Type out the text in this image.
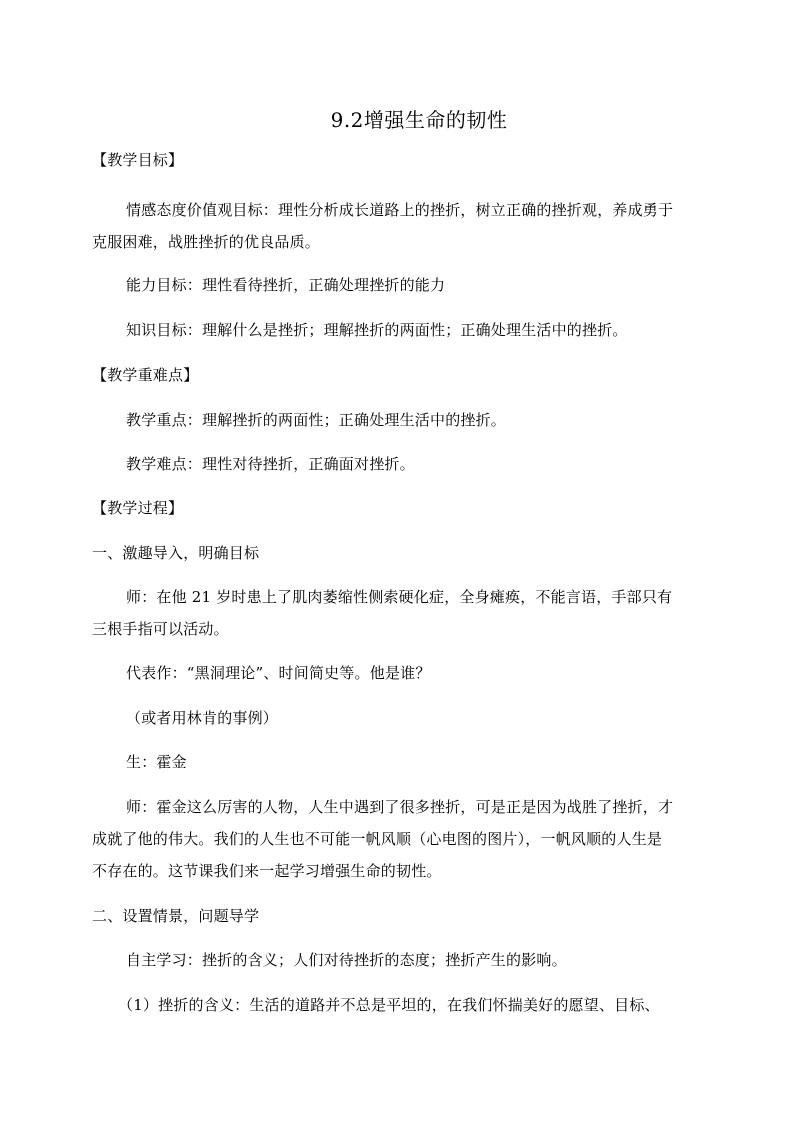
9.2增强生命的韧性
【教学目标】
情感态度价值观目标：理性分析成长道路上的挫折，树立正确的挫折观，养成勇于
克服困难，战胜挫折的优良品质。
能力目标：理性看待挫折，正确处理挫折的能力
知识目标：理解什么是挫折；理解挫折的两面性；正确处理生活中的挫折。
【教学重难点】
教学重点：理解挫折的两面性；正确处理生活中的挫折。
教学难点：理性对待挫折，正确面对挫折。
【教学过程】
一、激趣导入，明确目标
师：在他 21 岁时患上了肌肉萎缩性侧索硬化症，全身瘫痪，不能言语，手部只有
三根手指可以活动。
代表作：“黑洞理论”、时间简史等。他是谁？
（或者用林肯的事例）
生：霍金
师：霍金这么厉害的人物，人生中遇到了很多挫折，可是正是因为战胜了挫折，才
成就了他的伟大。我们的人生也不可能一帆风顺（心电图的图片），一帆风顺的人生是
不存在的。这节课我们来一起学习增强生命的韧性。
二、设置情景，问题导学
自主学习：挫折的含义；人们对待挫折的态度；挫折产生的影响。
（1）挫折的含义：生活的道路并不总是平坦的，在我们怀揣美好的愿望、目标、
